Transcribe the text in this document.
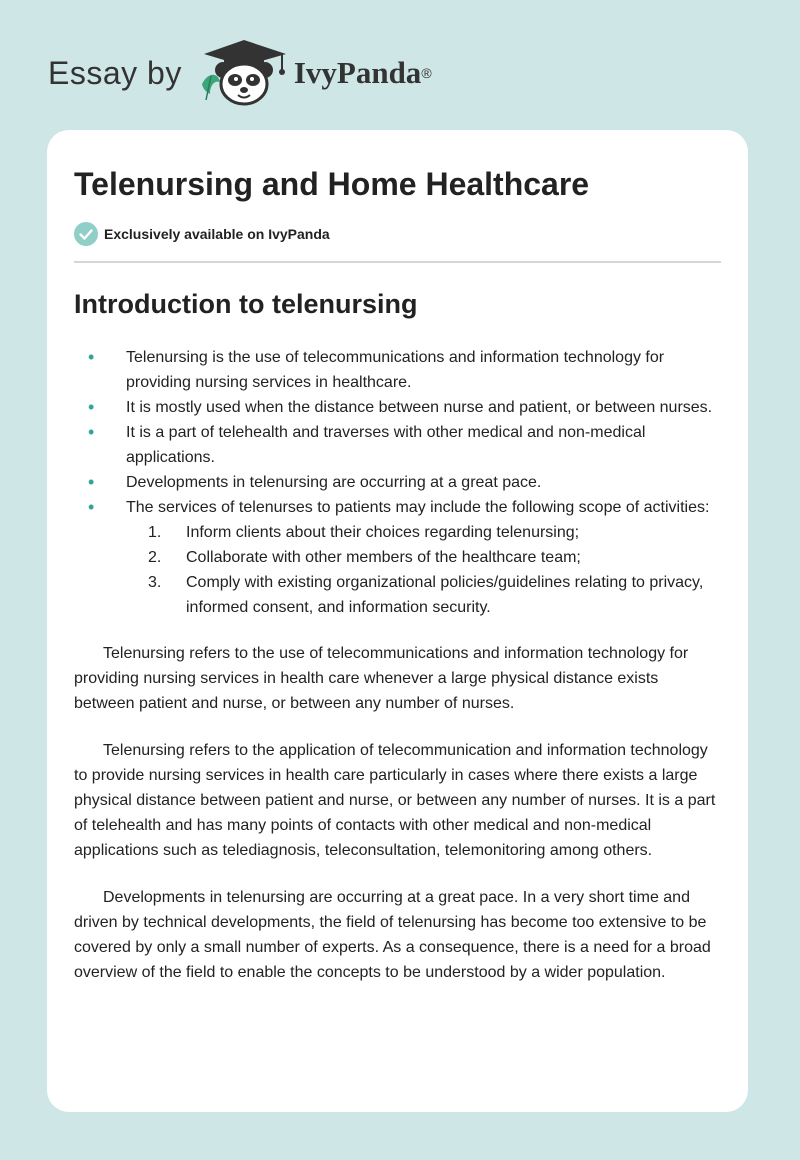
Essay by	IvyPanda ®
Telenursing and Home Healthcare
Exclusively available on IvyPanda
Introduction to telenursing
• Telenursing is the use of telecommunications and information technology for providing nursing services in healthcare.
• It is mostly used when the distance between nurse and patient, or between nurses.
• It is a part of telehealth and traverses with other medical and non-medical applications.
• Developments in telenursing are occurring at a great pace.
• The services of telenurses to patients may include the following scope of activities:
1. Inform clients about their choices regarding telenursing;
2. Collaborate with other members of the healthcare team;
3. Comply with existing organizational policies/guidelines relating to privacy, informed consent, and information security.

Telenursing refers to the use of telecommunications and information technology for providing nursing services in health care whenever a large physical distance exists between patient and nurse, or between any number of nurses.

Telenursing refers to the application of telecommunication and information technology to provide nursing services in health care particularly in cases where there exists a large physical distance between patient and nurse, or between any number of nurses. It is a part of telehealth and has many points of contacts with other medical and non-medical applications such as telediagnosis, teleconsultation, telemonitoring among others.

Developments in telenursing are occurring at a great pace. In a very short time and driven by technical developments, the field of telenursing has become too extensive to be covered by only a small number of experts. As a consequence, there is a need for a broad overview of the field to enable the concepts to be understood by a wider population.
